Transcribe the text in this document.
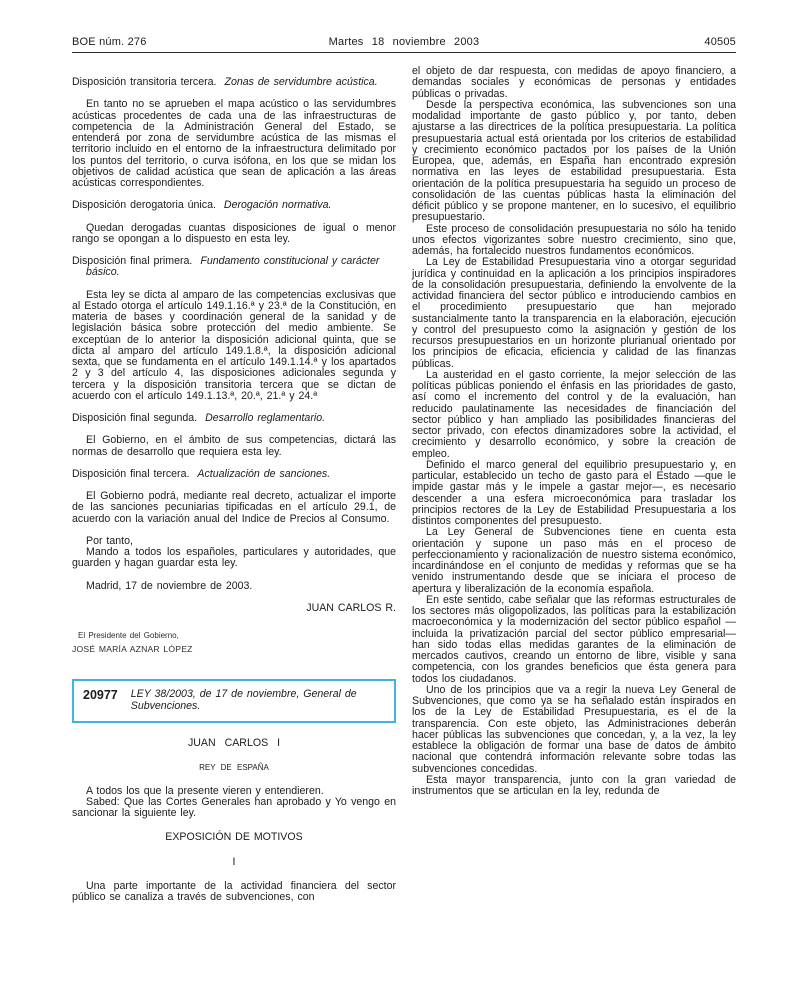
BOE núm. 276	Martes 18 noviembre 2003	40505

Disposición transitoria tercera. Zonas de servidumbre acústica.

En tanto no se aprueben el mapa acústico o las servidumbres acústicas procedentes de cada una de las infraestructuras de competencia de la Administración General del Estado, se entenderá por zona de servidumbre acústica de las mismas el territorio incluido en el entorno de la infraestructura delimitado por los puntos del territorio, o curva isófona, en los que se midan los objetivos de calidad acústica que sean de aplicación a las áreas acústicas correspondientes.

Disposición derogatoria única. Derogación normativa.

Quedan derogadas cuantas disposiciones de igual o menor rango se opongan a lo dispuesto en esta ley.

Disposición final primera. Fundamento constitucional y carácter básico.

Esta ley se dicta al amparo de las competencias exclusivas que al Estado otorga el artículo 149.1.16.ª y 23.ª de la Constitución, en materia de bases y coordinación general de la sanidad y de legislación básica sobre protección del medio ambiente. Se exceptúan de lo anterior la disposición adicional quinta, que se dicta al amparo del artículo 149.1.8.ª, la disposición adicional sexta, que se fundamenta en el artículo 149.1.14.ª y los apartados 2 y 3 del artículo 4, las disposiciones adicionales segunda y tercera y la disposición transitoria tercera que se dictan de acuerdo con el artículo 149.1.13.ª, 20.ª, 21.ª y 24.ª

Disposición final segunda. Desarrollo reglamentario.

El Gobierno, en el ámbito de sus competencias, dictará las normas de desarrollo que requiera esta ley.

Disposición final tercera. Actualización de sanciones.

El Gobierno podrá, mediante real decreto, actualizar el importe de las sanciones pecuniarias tipificadas en el artículo 29.1, de acuerdo con la variación anual del Indice de Precios al Consumo.

Por tanto,

Mando a todos los españoles, particulares y autoridades, que guarden y hagan guardar esta ley.

Madrid, 17 de noviembre de 2003.

JUAN CARLOS R.

El Presidente del Gobierno,

JOSÉ MARÍA AZNAR LÓPEZ

20977 LEY 38/2003, de 17 de noviembre, General de Subvenciones.

JUAN CARLOS I

REY DE ESPAÑA

A todos los que la presente vieren y entendieren.

Sabed: Que las Cortes Generales han aprobado y Yo vengo en sancionar la siguiente ley.

EXPOSICIÓN DE MOTIVOS

I

Una parte importante de la actividad financiera del sector público se canaliza a través de subvenciones, con

el objeto de dar respuesta, con medidas de apoyo financiero, a demandas sociales y económicas de personas y entidades públicas o privadas.

Desde la perspectiva económica, las subvenciones son una modalidad importante de gasto público y, por tanto, deben ajustarse a las directrices de la política presupuestaria. La política presupuestaria actual está orientada por los criterios de estabilidad y crecimiento económico pactados por los países de la Unión Europea, que, además, en España han encontrado expresión normativa en las leyes de estabilidad presupuestaria. Esta orientación de la política presupuestaria ha seguido un proceso de consolidación de las cuentas públicas hasta la eliminación del déficit público y se propone mantener, en lo sucesivo, el equilibrio presupuestario.

Este proceso de consolidación presupuestaria no sólo ha tenido unos efectos vigorizantes sobre nuestro crecimiento, sino que, además, ha fortalecido nuestros fundamentos económicos.

La Ley de Estabilidad Presupuestaria vino a otorgar seguridad jurídica y continuidad en la aplicación a los principios inspiradores de la consolidación presupuestaria, definiendo la envolvente de la actividad financiera del sector público e introduciendo cambios en el procedimiento presupuestario que han mejorado sustancialmente tanto la transparencia en la elaboración, ejecución y control del presupuesto como la asignación y gestión de los recursos presupuestarios en un horizonte plurianual orientado por los principios de eficacia, eficiencia y calidad de las finanzas públicas.

La austeridad en el gasto corriente, la mejor selección de las políticas públicas poniendo el énfasis en las prioridades de gasto, así como el incremento del control y de la evaluación, han reducido paulatinamente las necesidades de financiación del sector público y han ampliado las posibilidades financieras del sector privado, con efectos dinamizadores sobre la actividad, el crecimiento y desarrollo económico, y sobre la creación de empleo.

Definido el marco general del equilibrio presupuestario y, en particular, establecido un techo de gasto para el Estado —que le impide gastar más y le impele a gastar mejor—, es necesario descender a una esfera microeconómica para trasladar los principios rectores de la Ley de Estabilidad Presupuestaria a los distintos componentes del presupuesto.

La Ley General de Subvenciones tiene en cuenta esta orientación y supone un paso más en el proceso de perfeccionamiento y racionalización de nuestro sistema económico, incardinándose en el conjunto de medidas y reformas que se ha venido instrumentando desde que se iniciara el proceso de apertura y liberalización de la economía española.

En este sentido, cabe señalar que las reformas estructurales de los sectores más oligopolizados, las políticas para la estabilización macroeconómica y la modernización del sector público español —incluida la privatización parcial del sector público empresarial— han sido todas ellas medidas garantes de la eliminación de mercados cautivos, creando un entorno de libre, visible y sana competencia, con los grandes beneficios que ésta genera para todos los ciudadanos.

Uno de los principios que va a regir la nueva Ley General de Subvenciones, que como ya se ha señalado están inspirados en los de la Ley de Estabilidad Presupuestaria, es el de la transparencia. Con este objeto, las Administraciones deberán hacer públicas las subvenciones que concedan, y, a la vez, la ley establece la obligación de formar una base de datos de ámbito nacional que contendrá información relevante sobre todas las subvenciones concedidas.

Esta mayor transparencia, junto con la gran variedad de instrumentos que se articulan en la ley, redunda de
